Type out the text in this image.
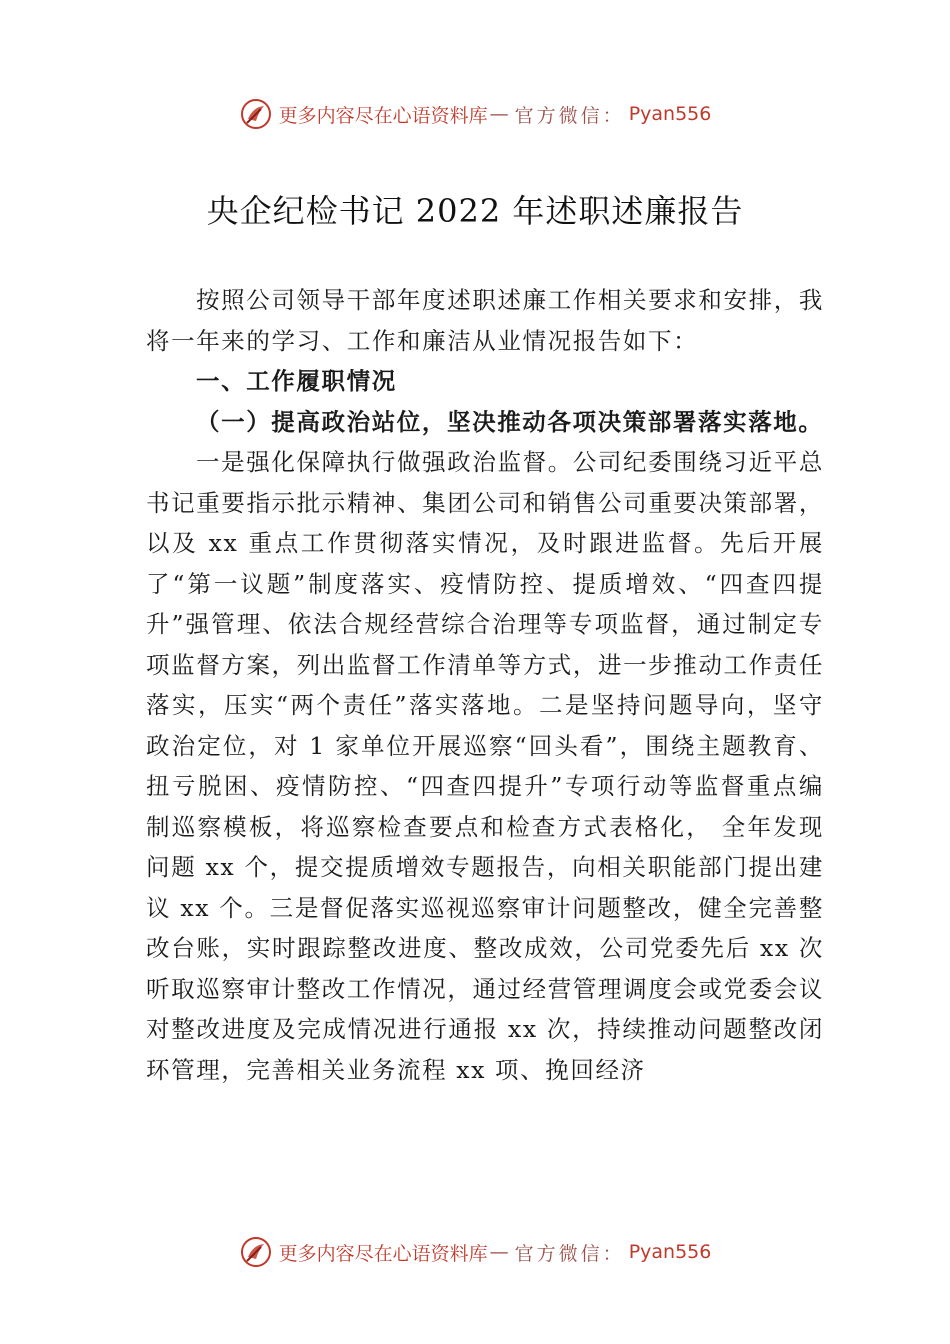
更多内容尽在心语资料库 — 官方微信： Pyan556
央企纪检书记 2022 年述职述廉报告

按照公司领导干部年度述职述廉工作相关要求和安排，我将一年来的学习、工作和廉洁从业情况报告如下：

一、工作履职情况

（一）提高政治站位，坚决推动各项决策部署落实落地。

一是强化保障执行做强政治监督。公司纪委围绕习近平总书记重要指示批示精神、集团公司和销售公司重要决策部署，以及 xx 重点工作贯彻落实情况，及时跟进监督。先后开展了“第一议题”制度落实、疫情防控、提质增效、“四查四提升”强管理、依法合规经营综合治理等专项监督，通过制定专项监督方案，列出监督工作清单等方式，进一步推动工作责任落实，压实“两个责任”落实落地。二是坚持问题导向，坚守政治定位，对 1 家单位开展巡察“回头看”，围绕主题教育、扭亏脱困、疫情防控、“四查四提升”专项行动等监督重点编制巡察模板，将巡察检查要点和检查方式表格化， 全年发现问题 xx 个，提交提质增效专题报告，向相关职能部门提出建议 xx 个。三是督促落实巡视巡察审计问题整改，健全完善整改台账，实时跟踪整改进度、整改成效，公司党委先后 xx 次听取巡察审计整改工作情况，通过经营管理调度会或党委会议对整改进度及完成情况进行通报 xx 次，持续推动问题整改闭环管理，完善相关业务流程 xx 项、挽回经济

更多内容尽在心语资料库 — 官方微信： Pyan556
